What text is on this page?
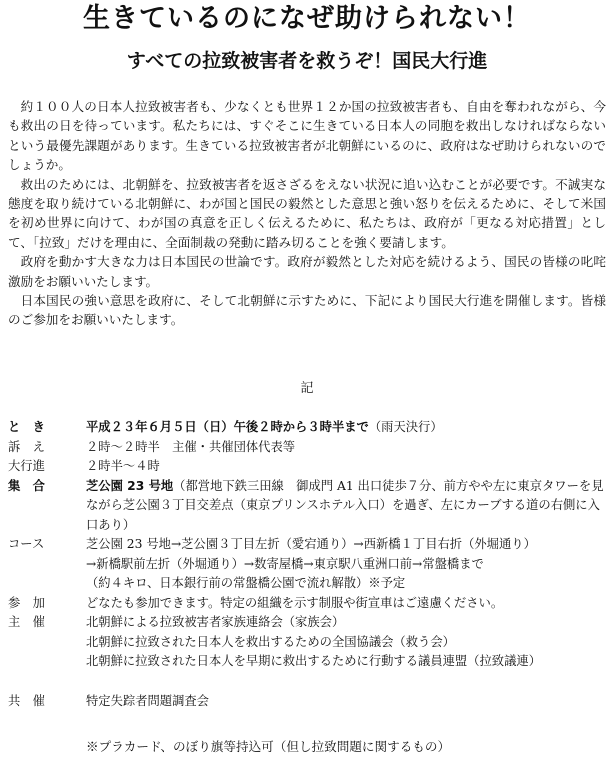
生きているのになぜ助けられない！
すべての拉致被害者を救うぞ！国民大行進

約１００人の日本人拉致被害者も、少なくとも世界１２か国の拉致被害者も、自由を奪われながら、今も救出の日を待っています。私たちには、すぐそこに生きている日本人の同胞を救出しなければならないという最優先課題があります。生きている拉致被害者が北朝鮮にいるのに、政府はなぜ助けられないのでしょうか。

救出のためには、北朝鮮を、拉致被害者を返さざるをえない状況に追い込むことが必要です。不誠実な態度を取り続けている北朝鮮に、わが国と国民の毅然とした意思と強い怒りを伝えるために、そして米国を初め世界に向けて、わが国の真意を正しく伝えるために、私たちは、政府が「更なる対応措置」として、「拉致」だけを理由に、全面制裁の発動に踏み切ることを強く要請します。

政府を動かす大きな力は日本国民の世論です。政府が毅然とした対応を続けるよう、国民の皆様の叱咤激励をお願いいたします。

日本国民の強い意思を政府に、そして北朝鮮に示すために、下記により国民大行進を開催します。皆様のご参加をお願いいたします。

記
と　き	平成２３年６月５日（日）午後２時から３時半まで（雨天決行）
訴　え	２時～２時半　主催・共催団体代表等
大行進	２時半～４時
集　合	芝公園 23 号地（都営地下鉄三田線　御成門 A1 出口徒歩７分、前方やや左に東京タワーを見ながら芝公園３丁目交差点（東京プリンスホテル入口）を過ぎ、左にカーブする道の右側に入口あり）
コース	芝公園 23 号地→芝公園３丁目左折（愛宕通り）→西新橋１丁目右折（外堀通り）
→新橋駅前左折（外堀通り）→数寄屋橋→東京駅八重洲口前→常盤橋まで
（約４キロ、日本銀行前の常盤橋公園で流れ解散）※予定
参　加	どなたも参加できます。特定の組織を示す制服や街宣車はご遠慮ください。
主　催	北朝鮮による拉致被害者家族連絡会（家族会）
北朝鮮に拉致された日本人を救出するための全国協議会（救う会）
北朝鮮に拉致された日本人を早期に救出するために行動する議員連盟（拉致議連）
共　催	特定失踪者問題調査会
※プラカード、のぼり旗等持込可（但し拉致問題に関するもの）
